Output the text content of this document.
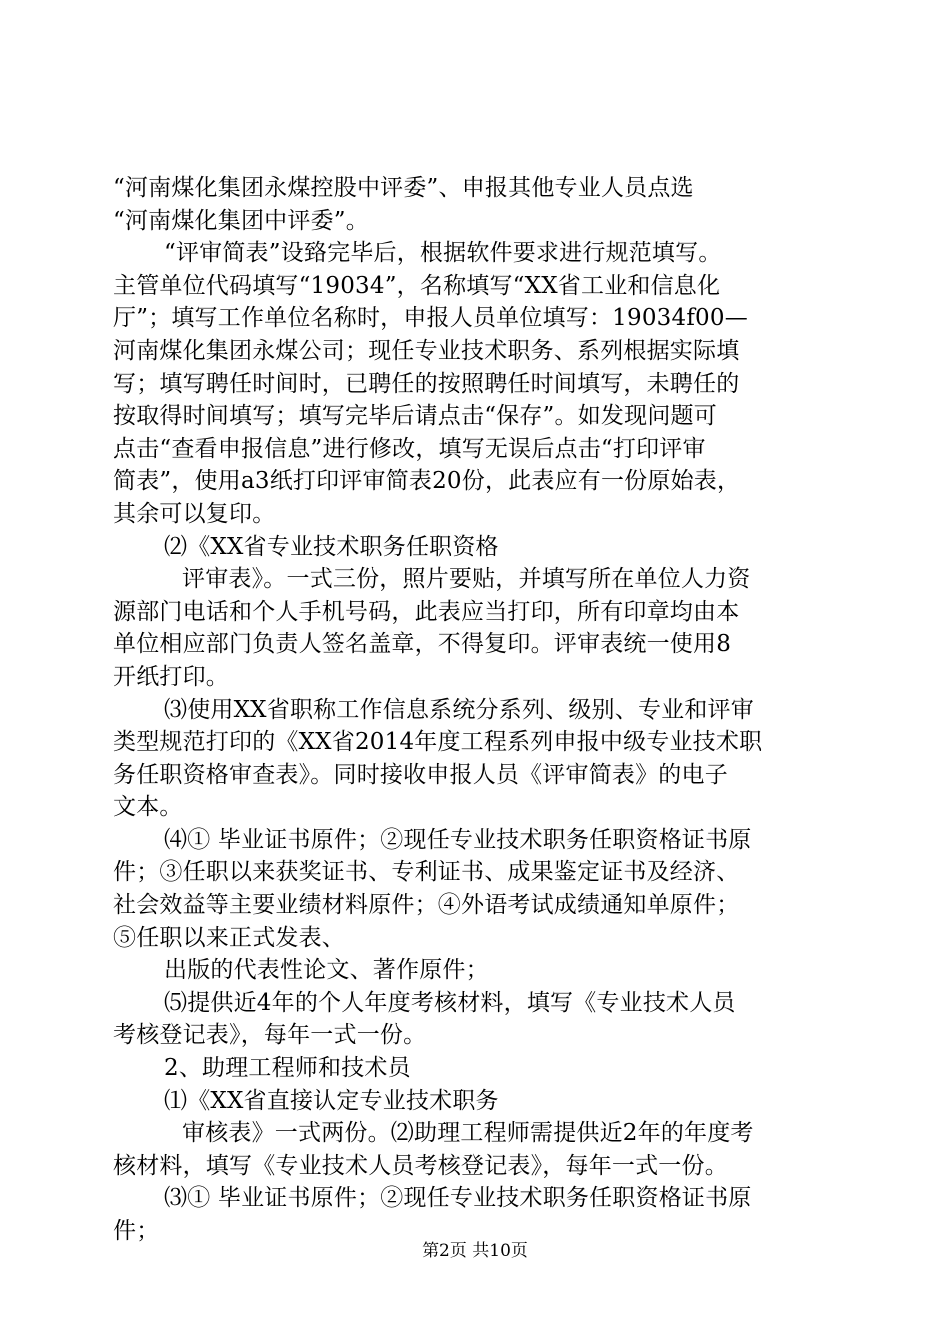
“河南煤化集团永煤控股中评委”、申报其他专业人员点选
“河南煤化集团中评委”。
“评审简表”设臵完毕后，根据软件要求进行规范填写。
主管单位代码填写“19034”，名称填写“XX省工业和信息化
厅”；填写工作单位名称时，申报人员单位填写：19034f00—
河南煤化集团永煤公司；现任专业技术职务、系列根据实际填
写；填写聘任时间时，已聘任的按照聘任时间填写，未聘任的
按取得时间填写；填写完毕后请点击“保存”。如发现问题可
点击“查看申报信息”进行修改，填写无误后点击“打印评审
简表”，使用a3纸打印评审简表20份，此表应有一份原始表，
其余可以复印。
⑵《XX省专业技术职务任职资格
评审表》。一式三份，照片要贴，并填写所在单位人力资
源部门电话和个人手机号码，此表应当打印，所有印章均由本
单位相应部门负责人签名盖章，不得复印。评审表统一使用8
开纸打印。
⑶使用XX省职称工作信息系统分系列、级别、专业和评审
类型规范打印的《XX省2014年度工程系列申报中级专业技术职
务任职资格审查表》。同时接收申报人员《评审简表》的电子
文本。
⑷① 毕业证书原件；②现任专业技术职务任职资格证书原
件；③任职以来获奖证书、专利证书、成果鉴定证书及经济、
社会效益等主要业绩材料原件；④外语考试成绩通知单原件；
⑤任职以来正式发表、
出版的代表性论文、著作原件；
⑸提供近4年的个人年度考核材料，填写《专业技术人员
考核登记表》，每年一式一份。
2、助理工程师和技术员
⑴《XX省直接认定专业技术职务
审核表》一式两份。⑵助理工程师需提供近2年的年度考
核材料，填写《专业技术人员考核登记表》，每年一式一份。
⑶① 毕业证书原件；②现任专业技术职务任职资格证书原
件；
第2页 共10页
